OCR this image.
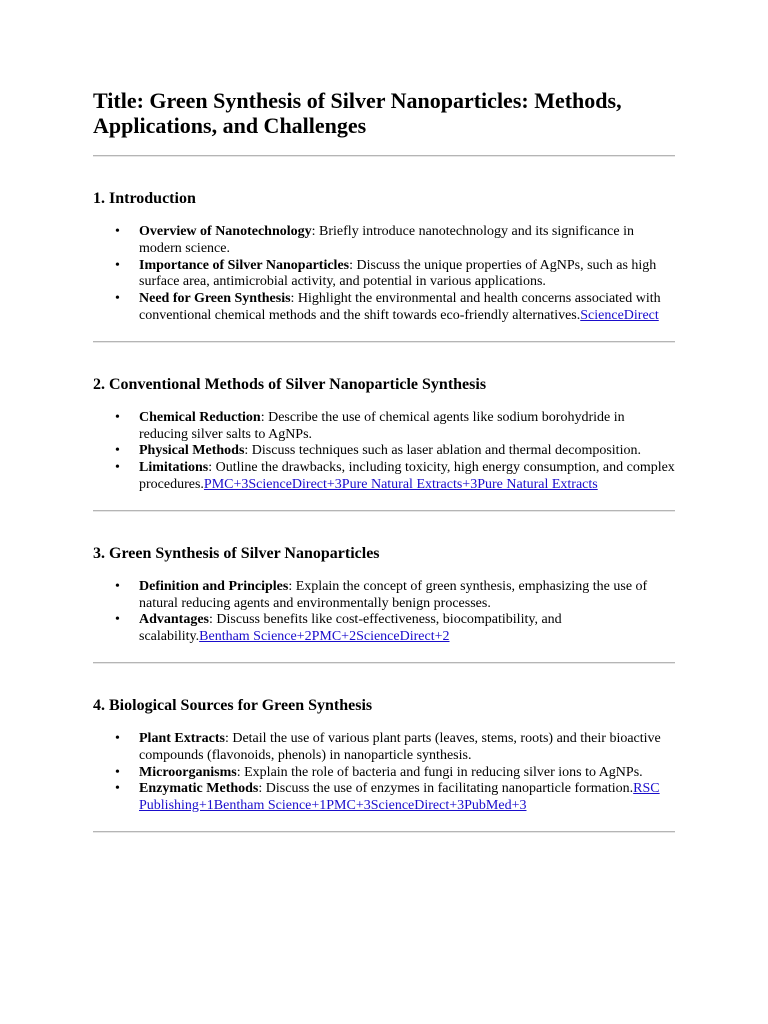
Title: Green Synthesis of Silver Nanoparticles: Methods, Applications, and Challenges
1. Introduction
• Overview of Nanotechnology: Briefly introduce nanotechnology and its significance in modern science.
• Importance of Silver Nanoparticles: Discuss the unique properties of AgNPs, such as high surface area, antimicrobial activity, and potential in various applications.
• Need for Green Synthesis: Highlight the environmental and health concerns associated with conventional chemical methods and the shift towards eco-friendly alternatives.ScienceDirect
2. Conventional Methods of Silver Nanoparticle Synthesis
• Chemical Reduction: Describe the use of chemical agents like sodium borohydride in reducing silver salts to AgNPs.
• Physical Methods: Discuss techniques such as laser ablation and thermal decomposition.
• Limitations: Outline the drawbacks, including toxicity, high energy consumption, and complex procedures.PMC+3ScienceDirect+3Pure Natural Extracts+3Pure Natural Extracts
3. Green Synthesis of Silver Nanoparticles
• Definition and Principles: Explain the concept of green synthesis, emphasizing the use of natural reducing agents and environmentally benign processes.
• Advantages: Discuss benefits like cost-effectiveness, biocompatibility, and scalability.Bentham Science+2PMC+2ScienceDirect+2
4. Biological Sources for Green Synthesis
• Plant Extracts: Detail the use of various plant parts (leaves, stems, roots) and their bioactive compounds (flavonoids, phenols) in nanoparticle synthesis.
• Microorganisms: Explain the role of bacteria and fungi in reducing silver ions to AgNPs.
• Enzymatic Methods: Discuss the use of enzymes in facilitating nanoparticle formation.RSC Publishing+1Bentham Science+1PMC+3ScienceDirect+3PubMed+3
